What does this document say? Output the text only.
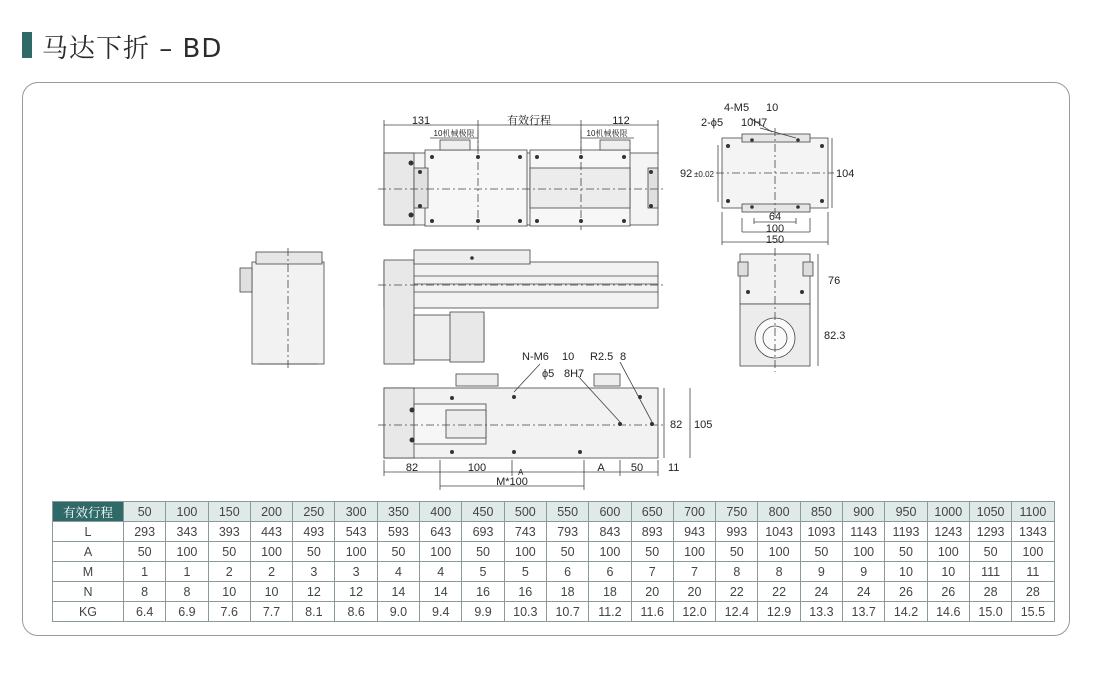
马达下折 – BD
131	有效行程	112
10机械极限	10机械极限
4-M5 10
2-ϕ5 10H7
92 ±0.02	104
64
100
150
76
82.3
N-M6 10
ϕ5 8H7
R2.5 8
82 105
82	100	A
M*100
A 50 11
有效行程	50	100	150	200	250	300	350	400	450	500	550	600	650	700	750	800	850	900	950	1000	1050	1100
L	293	343	393	443	493	543	593	643	693	743	793	843	893	943	993	1043	1093	1143	1193	1243	1293	1343
A	50	100	50	100	50	100	50	100	50	100	50	100	50	100	50	100	50	100	50	100	50	100
M	1	1	2	2	3	3	4	4	5	5	6	6	7	7	8	8	9	9	10	10	111	11
N	8	8	10	10	12	12	14	14	16	16	18	18	20	20	22	22	24	24	26	26	28	28
KG	6.4	6.9	7.6	7.7	8.1	8.6	9.0	9.4	9.9	10.3	10.7	11.2	11.6	12.0	12.4	12.9	13.3	13.7	14.2	14.6	15.0	15.5
